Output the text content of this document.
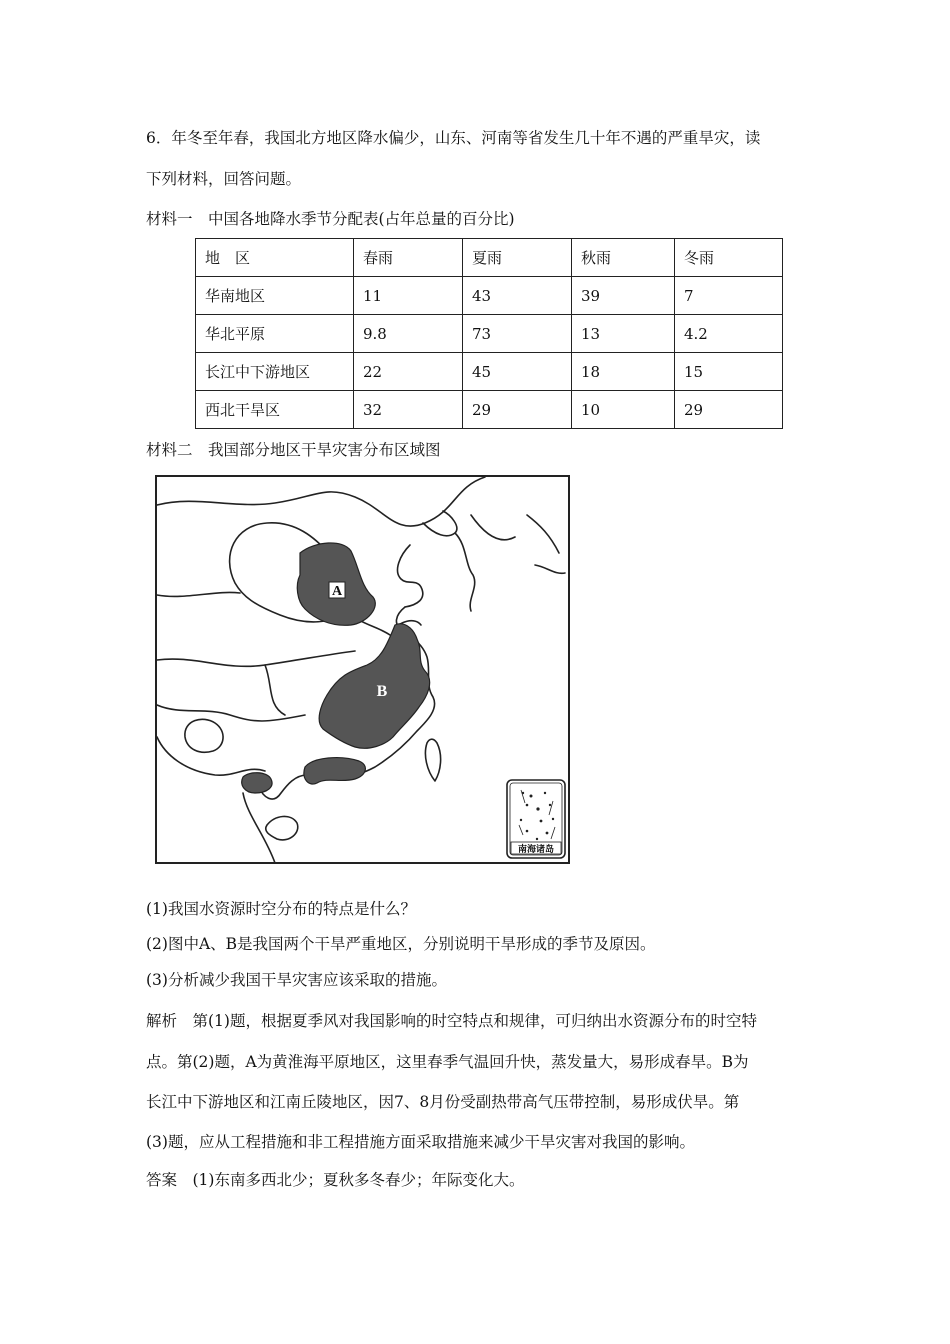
6．年冬至年春，我国北方地区降水偏少，山东、河南等省发生几十年不遇的严重旱灾，读
下列材料，回答问题。
材料一　中国各地降水季节分配表(占年总量的百分比)
地　区	春雨	夏雨	秋雨	冬雨
华南地区	11	43	39	7
华北平原	9.8	73	13	4.2
长江中下游地区	22	45	18	15
西北干旱区	32	29	10	29
材料二　我国部分地区干旱灾害分布区域图
A
B
南海诸岛
(1)我国水资源时空分布的特点是什么？
(2)图中A、B是我国两个干旱严重地区，分别说明干旱形成的季节及原因。
(3)分析减少我国干旱灾害应该采取的措施。
解析　第(1)题，根据夏季风对我国影响的时空特点和规律，可归纳出水资源分布的时空特
点。第(2)题，A为黄淮海平原地区，这里春季气温回升快，蒸发量大，易形成春旱。B为
长江中下游地区和江南丘陵地区，因7、8月份受副热带高气压带控制，易形成伏旱。第
(3)题，应从工程措施和非工程措施方面采取措施来减少干旱灾害对我国的影响。
答案　(1)东南多西北少；夏秋多冬春少；年际变化大。
